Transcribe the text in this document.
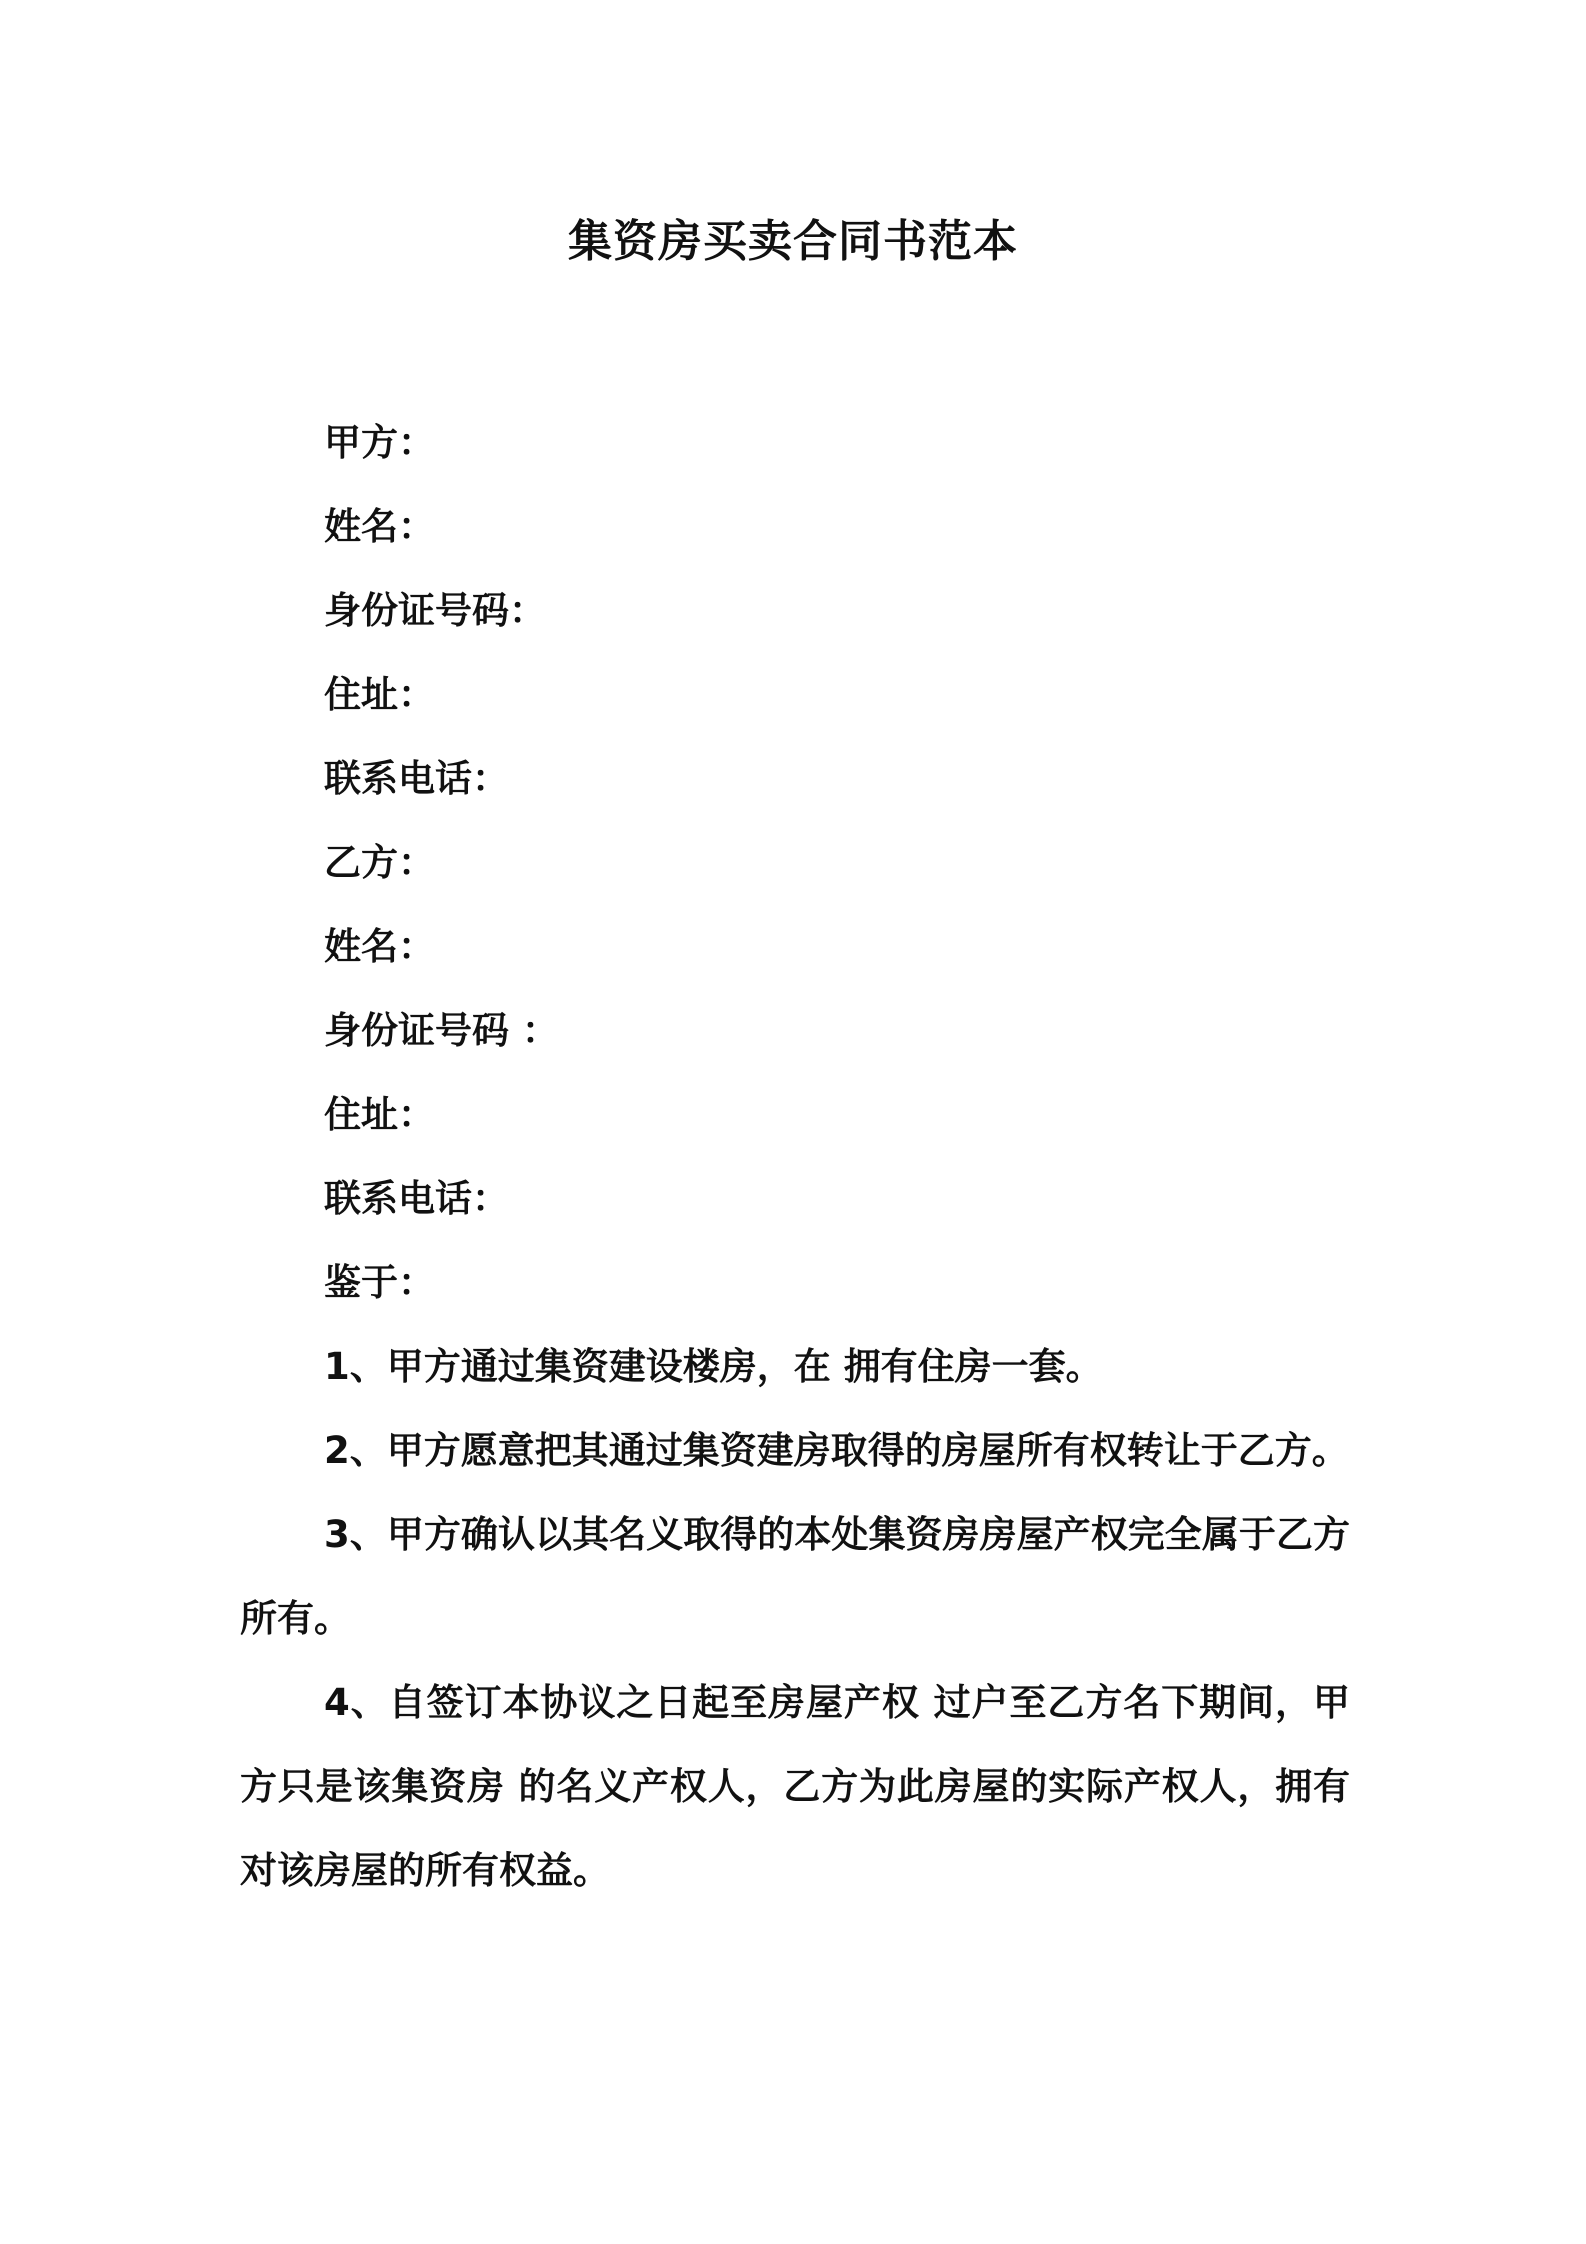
集资房买卖合同书范本

甲方：

姓名：

身份证号码：

住址：

联系电话：

乙方：

姓名：

身份证号码 ：

住址：

联系电话：

鉴于：

1、甲方通过集资建设楼房，在 拥有住房一套。

2、甲方愿意把其通过集资建房取得的房屋所有权转让于乙方。

3、甲方确认以其名义取得的本处集资房房屋产权完全属于乙方所有。

4、自签订本协议之日起至房屋产权 过户至乙方名下期间，甲方只是该集资房 的名义产权人，乙方为此房屋的实际产权人，拥有对该房屋的所有权益。
